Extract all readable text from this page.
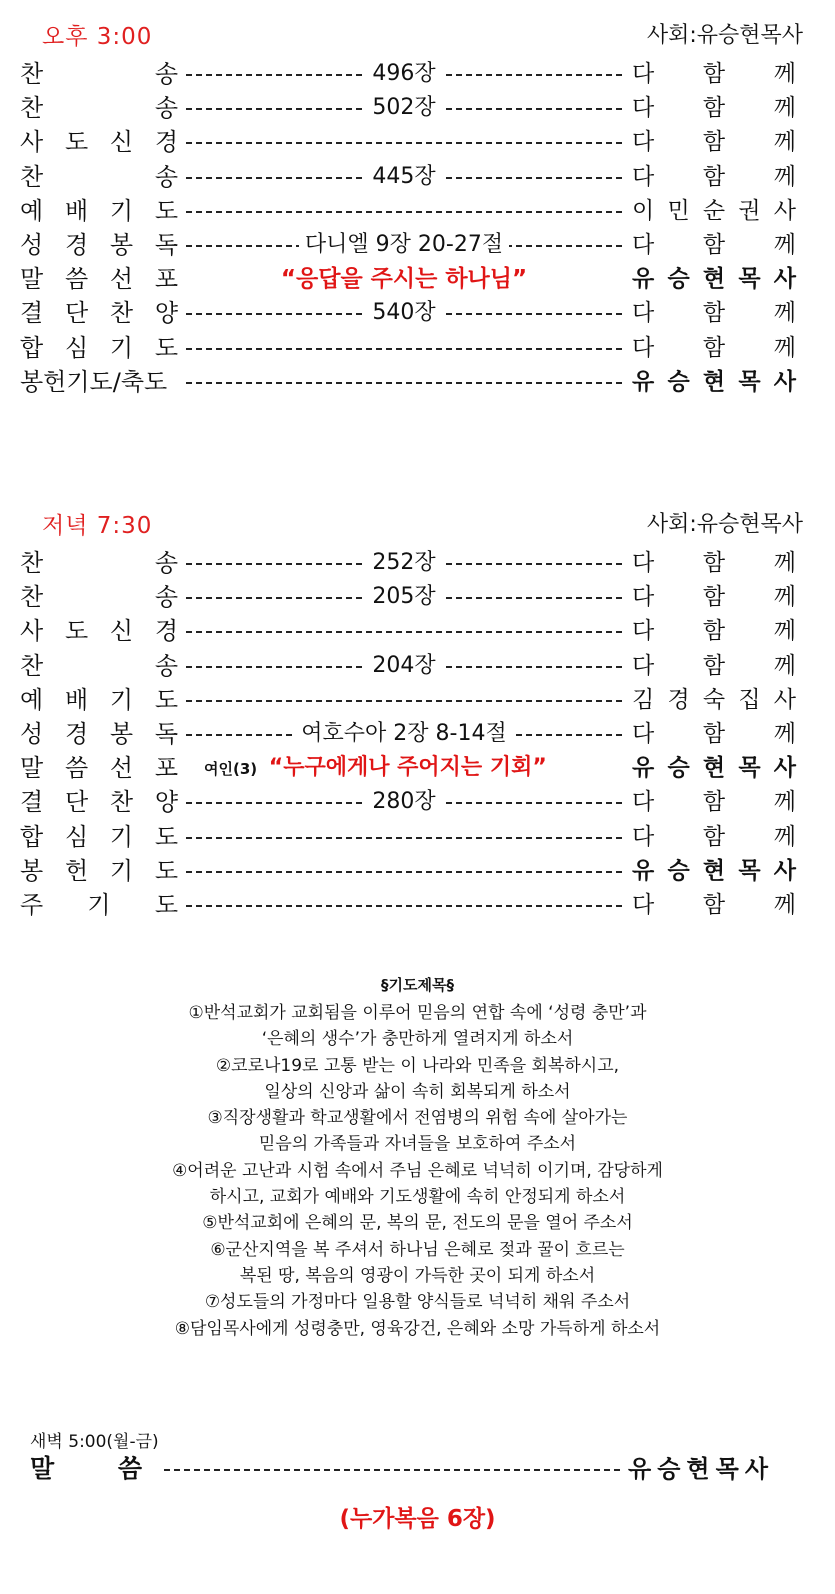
오후 3:00	사회:유승현목사
찬	송	496장	다 함 께
찬	송	502장	다 함 께
사 도 신 경	다 함 께
찬	송	445장	다 함 께
예 배 기 도	이 민 순 권 사
성 경 봉 독	다니엘 9장 20-27절	다 함 께
말 씀 선 포	“응답을 주시는 하나님”	유 승 현 목 사
결 단 찬 양	540장	다 함 께
합 심 기 도	다 함 께
봉헌기도/축도	유 승 현 목 사
저녁 7:30	사회:유승현목사
찬	송	252장	다 함 께
찬	송	205장	다 함 께
사 도 신 경	다 함 께
찬	송	204장	다 함 께
예 배 기 도	김 경 숙 집 사
성 경 봉 독	여호수아 2장 8-14절	다 함 께
말 씀 선 포	여인(3) “누구에게나 주어지는 기회”	유 승 현 목 사
결 단 찬 양	280장	다 함 께
합 심 기 도	다 함 께
봉 헌 기 도	유 승 현 목 사
주 기 도	다 함 께
§기도제목§

①반석교회가 교회됨을 이루어 믿음의 연합 속에 ‘성령 충만’과

‘은혜의 생수’가 충만하게 열려지게 하소서

②코로나19로 고통 받는 이 나라와 민족을 회복하시고,

일상의 신앙과 삶이 속히 회복되게 하소서

③직장생활과 학교생활에서 전염병의 위험 속에 살아가는

믿음의 가족들과 자녀들을 보호하여 주소서

④어려운 고난과 시험 속에서 주님 은혜로 넉넉히 이기며, 감당하게

하시고, 교회가 예배와 기도생활에 속히 안정되게 하소서

⑤반석교회에 은혜의 문, 복의 문, 전도의 문을 열어 주소서

⑥군산지역을 복 주셔서 하나님 은혜로 젖과 꿀이 흐르는

복된 땅, 복음의 영광이 가득한 곳이 되게 하소서

⑦성도들의 가정마다 일용할 양식들로 넉넉히 채워 주소서

⑧담임목사에게 성령충만, 영육강건, 은혜와 소망 가득하게 하소서

새벽 5:00(월-금)
말	씀	유 승 현 목 사
(누가복음 6장)
